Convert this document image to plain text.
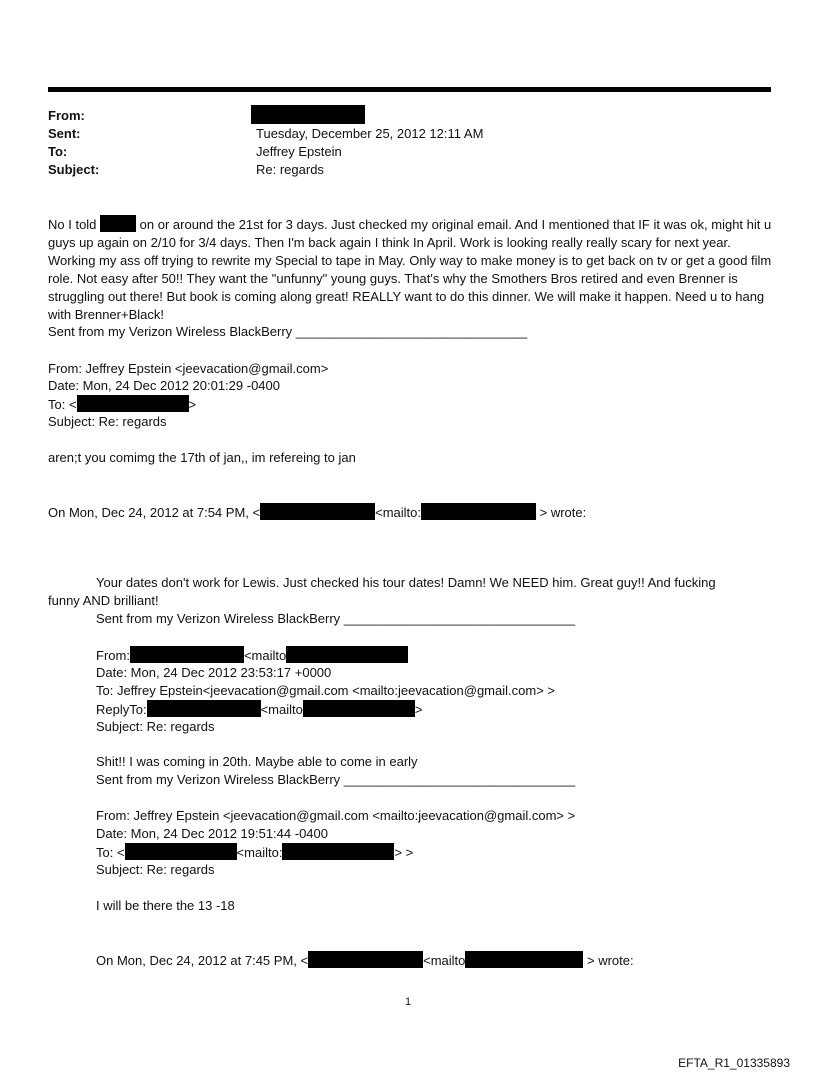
From:
Sent:	Tuesday, December 25, 2012 12:11 AM
To:	Jeffrey Epstein
Subject:	Re: regards
No I told	on or around the 21st for 3 days. Just checked my original email. And I mentioned that IF it was ok, might hit u guys up again on 2/10 for 3/4 days. Then I'm back again I think In April. Work is looking really really scary for next year. Working my ass off trying to rewrite my Special to tape in May. Only way to make money is to get back on tv or get a good film role. Not easy after 50!! They want the "unfunny" young guys. That's why the Smothers Bros retired and even Brenner is struggling out there! But book is coming along great! REALLY want to do this dinner. We will make it happen. Need u to hang with Brenner+Black!
Sent from my Verizon Wireless BlackBerry ________________________________
From: Jeffrey Epstein <jeevacation@gmail.com>
Date: Mon, 24 Dec 2012 20:01:29 -0400
To: <	>
Subject: Re: regards
aren;t you comimg the 17th of jan,, im refereing to jan
On Mon, Dec 24, 2012 at 7:54 PM, <	<mailto:	> wrote:
Your dates don't work for Lewis. Just checked his tour dates! Damn! We NEED him. Great guy!! And fucking
funny AND brilliant!
Sent from my Verizon Wireless BlackBerry ________________________________
From:	<mailto
Date: Mon, 24 Dec 2012 23:53:17 +0000
To: Jeffrey Epstein<jeevacation@gmail.com <mailto:jeevacation@gmail.com> >
ReplyTo:	<mailto	>
Subject: Re: regards
Shit!! I was coming in 20th. Maybe able to come in early
Sent from my Verizon Wireless BlackBerry ________________________________
From: Jeffrey Epstein <jeevacation@gmail.com <mailto:jeevacation@gmail.com> >
Date: Mon, 24 Dec 2012 19:51:44 -0400
To: <	<mailto:	> >
Subject: Re: regards
I will be there the 13 -18
On Mon, Dec 24, 2012 at 7:45 PM, <	<mailto	> wrote:
1
EFTA_R1_01335893
